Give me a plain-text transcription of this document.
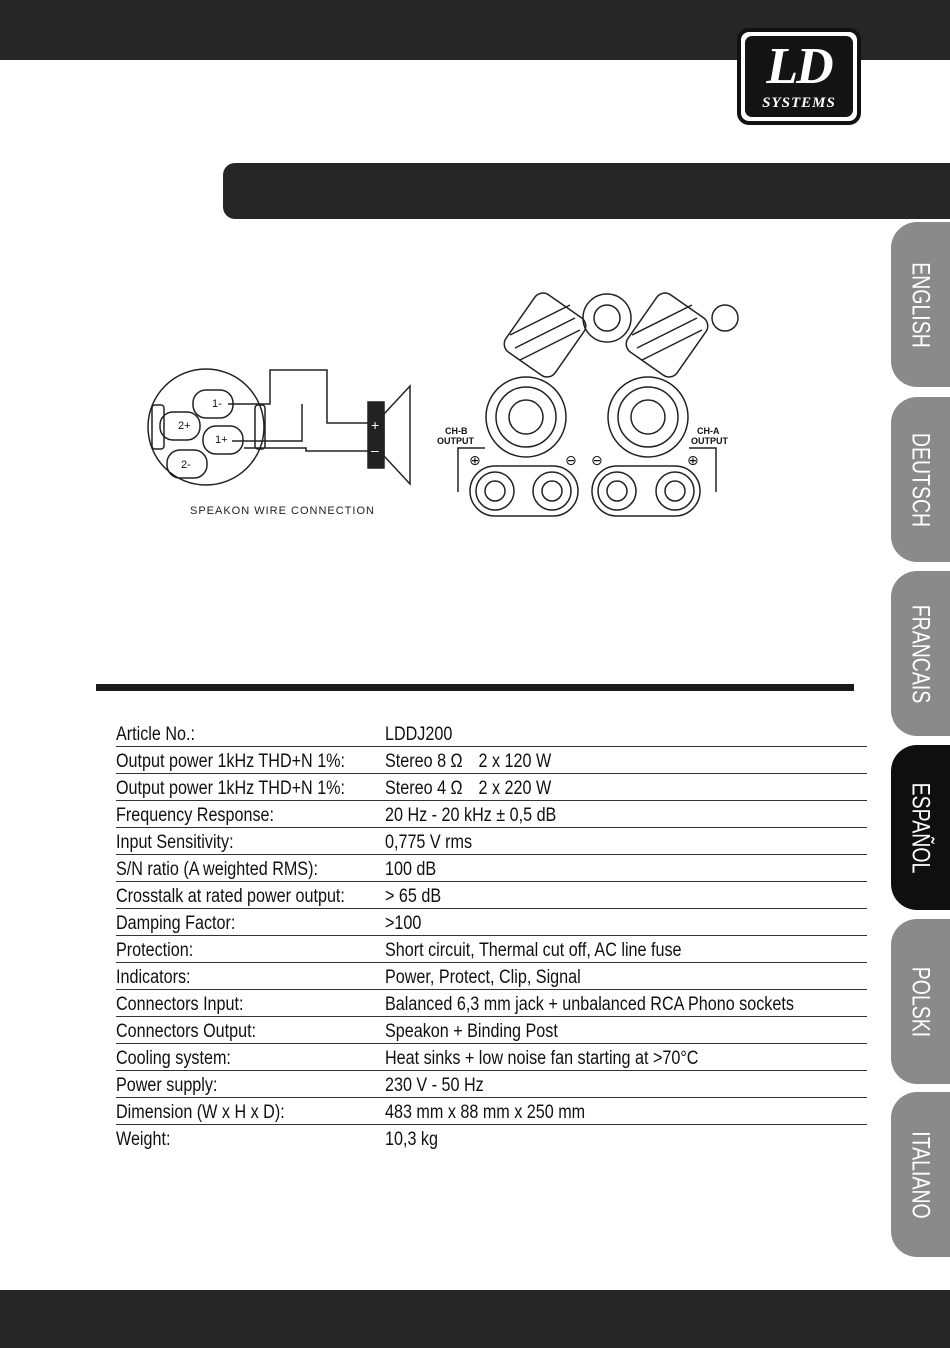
LD
SYSTEMS
ENGLISH
DEUTSCH
FRANCAIS
ESPAÑOL
POLSKI
ITALIANO
1-
2+
1+
2-
+
–
SPEAKON WIRE CONNECTION
CH-B
OUTPUT
CH-A
OUTPUT
⊕	⊖ ⊖	⊕
Article No.:	LDDJ200
Output power 1kHz THD+N 1%:	Stereo 8 Ω 2 x 120 W
Output power 1kHz THD+N 1%:	Stereo 4 Ω 2 x 220 W
Frequency Response:	20 Hz - 20 kHz ± 0,5 dB
Input Sensitivity:	0,775 V rms
S/N ratio (A weighted RMS):	100 dB
Crosstalk at rated power output:	> 65 dB
Damping Factor:	>100
Protection:	Short circuit, Thermal cut off, AC line fuse
Indicators:	Power, Protect, Clip, Signal
Connectors Input:	Balanced 6,3 mm jack + unbalanced RCA Phono sockets
Connectors Output:	Speakon + Binding Post
Cooling system:	Heat sinks + low noise fan starting at >70°C
Power supply:	230 V - 50 Hz
Dimension (W x H x D):	483 mm x 88 mm x 250 mm
Weight:	10,3 kg
